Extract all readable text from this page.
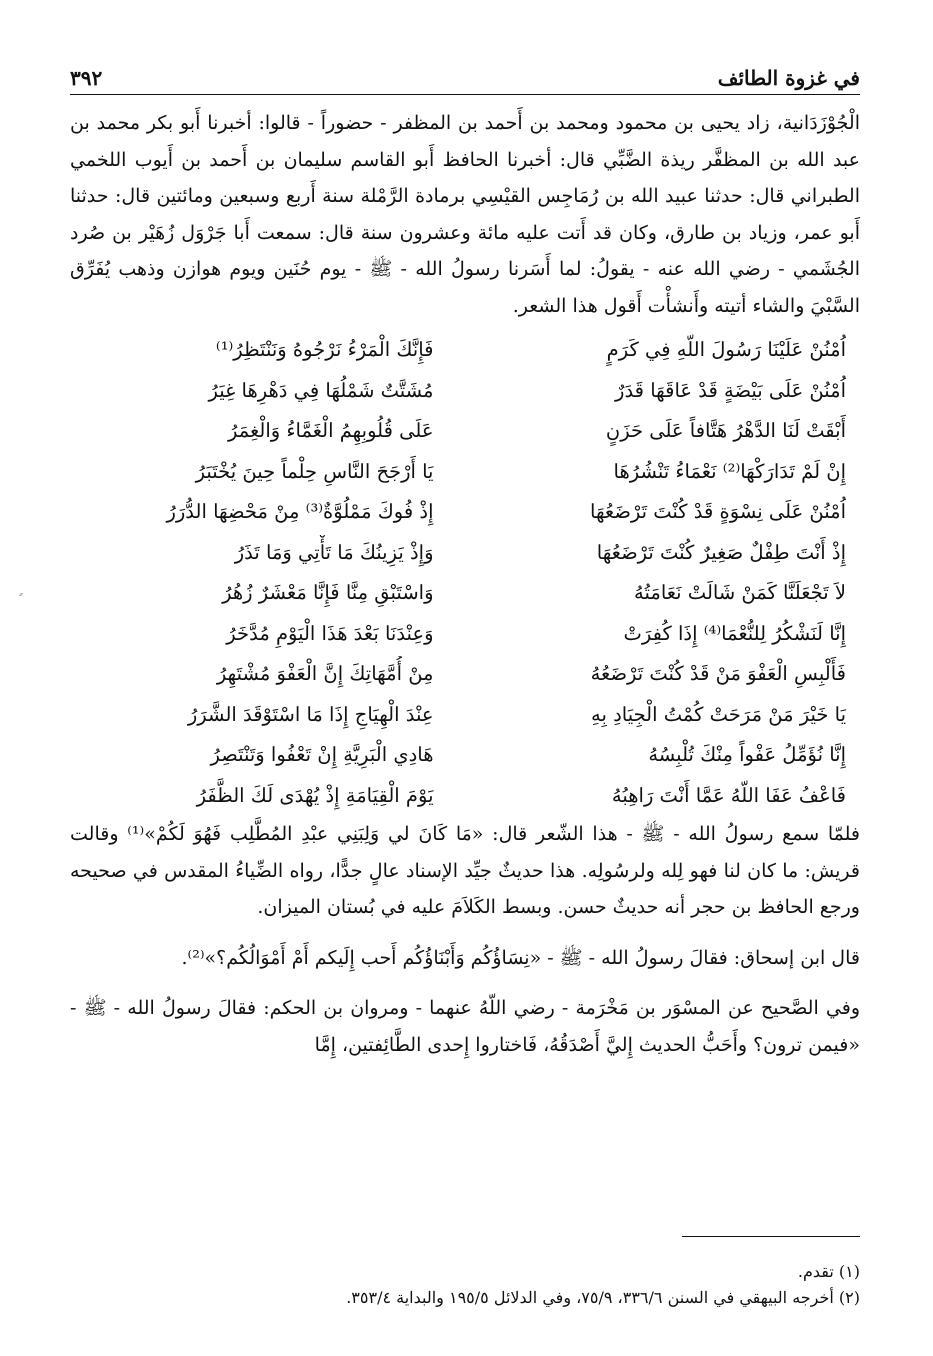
في غزوة الطائف
٣٩٢

الْجُوْزَدَانية، زاد يحيى بن محمود ومحمد بن أَحمد بن المظفر - حضوراً - قالوا: أخبرنا أَبو بكر محمد بن عبد الله بن المظفَّر ريذة الضَّبِّي قال: أخبرنا الحافظ أَبو القاسم سليمان بن أَحمد بن أَيوب اللخمي الطبراني قال: حدثنا عبيد الله بن رُمَاجِس القيْسِي برمادة الرَّمْلة سنة أَربع وسبعين ومائتين قال: حدثنا أَبو عمر، وزياد بن طارق، وكان قد أَتت عليه مائة وعشرون سنة قال: سمعت أَبا جَرْوَل زُهَيْر بن صُرد الجُشَمي - رضي الله عنه - يقولُ: لما أَسَرنا رسولُ الله - ﷺ - يوم حُنَين ويوم هوازن وذهب يُفَرِّق السَّبْيَ والشاء أتيته وأَنشأْت أَقول هذا الشعر.

اُمْنُنْ عَلَيْنَا رَسُولَ اللّهِ فِي كَرَمٍ
فَإِنَّكَ الْمَرْءُ نَرْجُوهُ وَنَنْتَظِرُ⁽¹⁾
اُمْنُنْ عَلَى بَيْضَةٍ قَدْ عَاقَهَا قَدَرٌ
مُشَتَّتٌ شَمْلُهَا فِي دَهْرِهَا غِيَرُ
أَبْقَتْ لَنَا الدَّهْرُ هَتَّافاً عَلَى حَزَنٍ
عَلَى قُلُوبِهِمُ الْغَمَّاءُ وَالْغِمَرُ
إِنْ لَمْ تَدَارَكْهَا⁽²⁾ نَعْمَاءُ تَنْشُرُهَا
يَا أَرْجَحَ النَّاسِ حِلْماً حِينَ يُخْتَبَرُ
اُمْنُنْ عَلَى نِسْوَةٍ قَدْ كُنْتَ تَرْضَعُهَا
إِذْ فُوكَ مَمْلُوَّةٌ⁽³⁾ مِنْ مَحْضِهَا الدُّرَرُ
إِذْ أَنْتَ طِفْلٌ صَغِيرٌ كُنْتَ تَرْضَعُهَا
وَإِذْ يَزِينُكَ مَا تَأْتِي وَمَا تَذَرُ
لاَ تَجْعَلَنَّا كَمَنْ شَالَتْ نَعَامَتُهُ
وَاسْتَبْقِ مِنَّا فَإِنَّا مَعْشَرٌ زُهُرُ
إِنَّا لَنَشْكُرُ لِلنُّعْمَا⁽⁴⁾ إِذَا كُفِرَتْ
وَعِنْدَنَا بَعْدَ هَذَا الْيَوْمِ مُدَّخَرُ
فَأَلْبِسِ الْعَفْوَ مَنْ قَدْ كُنْتَ تَرْضَعُهُ
مِنْ أُمَّهَاتِكَ إِنَّ الْعَفْوَ مُشْتَهِرُ
يَا خَيْرَ مَنْ مَرَحَتْ كُمْتُ الْجِيَادِ بِهِ
عِنْدَ الْهِيَاجِ إِذَا مَا اسْتَوْقَدَ الشَّرَرُ
إِنَّا نُؤَمِّلُ عَفْواً مِنْكَ تُلْبِسُهُ
هَادِي الْبَرِيَّةِ إِنْ تَعْفُوا وَتَنْتَصِرُ
فَاعْفُ عَفَا اللّهُ عَمَّا أَنْتَ رَاهِبُهُ
يَوْمَ الْقِيَامَةِ إِذْ يُهْدَى لَكَ الظَّفَرُ

فلمّا سمع رسولُ الله - ﷺ - هذا الشّعر قال: «مَا كَانَ لي وَلِبَنِي عبْدِ المُطَّلِب فَهُوَ لَكُمْ»⁽¹⁾ وقالت قريش: ما كان لنا فهو لِله ولرسُولِه. هذا حديثٌ جيِّد الإسناد عالٍ جدًّا، رواه الضِّياءُ المقدس في صحيحه ورجع الحافظ بن حجر أنه حديثٌ حسن. وبسط الكَلاَمَ عليه في بُستان الميزان.

قال ابن إسحاق: فقالَ رسولُ الله - ﷺ - «نِسَاؤُكُم وَأَبْنَاؤُكُم أَحب إِلَيكم أَمْ أَمْوَالُكُم؟»⁽²⁾.

وفي الصَّحيح عن المسْوَر بن مَخْرَمة - رضي اللّهُ عنهما - ومروان بن الحكم: فقالَ رسولُ الله - ﷺ - «فيمن ترون؟ وأَحَبُّ الحديث إِليَّ أَصْدَقُهُ، فَاختاروا إِحدى الطَّائِفتين، إِمَّا

(١) تقدم.
(٢) أخرجه البيهقي في السنن ٣٣٦/٦، ٧٥/٩، وفي الدلائل ١٩٥/٥ والبداية ٣٥٣/٤.
